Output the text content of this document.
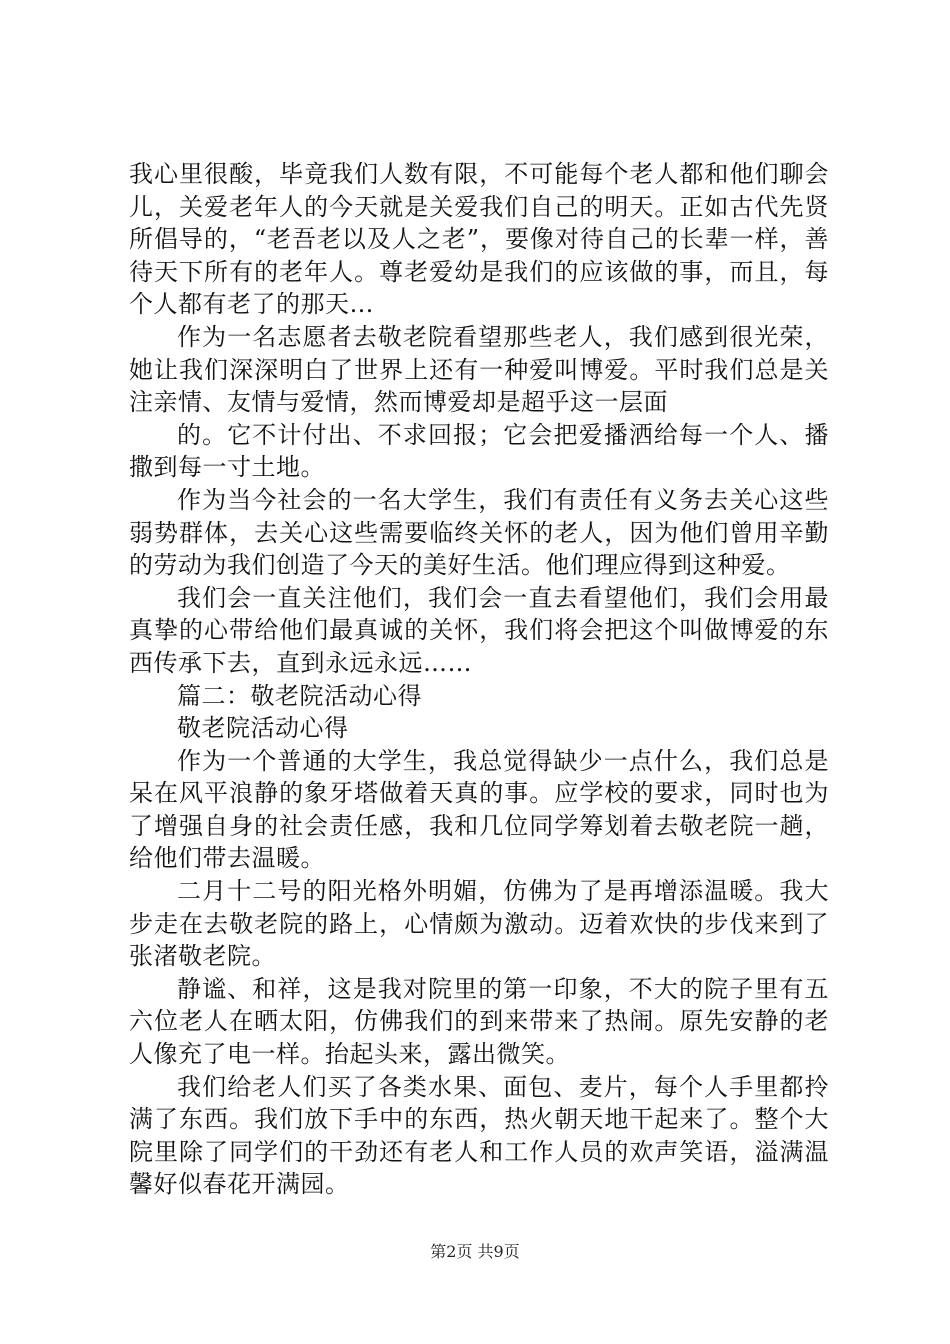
我心里很酸，毕竟我们人数有限，不可能每个老人都和他们聊会儿，关爱老年人的今天就是关爱我们自己的明天。正如古代先贤所倡导的，“老吾老以及人之老”，要像对待自己的长辈一样，善待天下所有的老年人。尊老爱幼是我们的应该做的事，而且，每个人都有老了的那天…

作为一名志愿者去敬老院看望那些老人，我们感到很光荣，她让我们深深明白了世界上还有一种爱叫博爱。平时我们总是关注亲情、友情与爱情，然而博爱却是超乎这一层面

的。它不计付出、不求回报；它会把爱播洒给每一个人、播撒到每一寸土地。

作为当今社会的一名大学生，我们有责任有义务去关心这些弱势群体，去关心这些需要临终关怀的老人，因为他们曾用辛勤的劳动为我们创造了今天的美好生活。他们理应得到这种爱。

我们会一直关注他们，我们会一直去看望他们，我们会用最真挚的心带给他们最真诚的关怀，我们将会把这个叫做博爱的东西传承下去，直到永远永远……

篇二：敬老院活动心得

敬老院活动心得

作为一个普通的大学生，我总觉得缺少一点什么，我们总是呆在风平浪静的象牙塔做着天真的事。应学校的要求，同时也为了增强自身的社会责任感，我和几位同学筹划着去敬老院一趟，给他们带去温暖。

二月十二号的阳光格外明媚，仿佛为了是再增添温暖。我大步走在去敬老院的路上，心情颇为激动。迈着欢快的步伐来到了张渚敬老院。

静谧、和祥，这是我对院里的第一印象，不大的院子里有五六位老人在晒太阳，仿佛我们的到来带来了热闹。原先安静的老人像充了电一样。抬起头来，露出微笑。

我们给老人们买了各类水果、面包、麦片，每个人手里都拎满了东西。我们放下手中的东西，热火朝天地干起来了。整个大院里除了同学们的干劲还有老人和工作人员的欢声笑语，溢满温馨好似春花开满园。

第2页 共9页
